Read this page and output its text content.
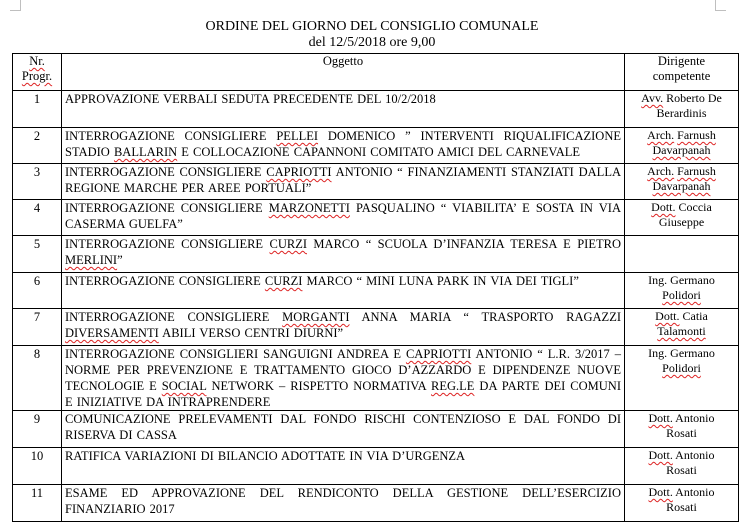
ORDINE DEL GIORNO DEL CONSIGLIO COMUNALE
del 12/5/2018 ore 9,00
Nr.
Progr.	Oggetto	Dirigente
competente
1	APPROVAZIONE VERBALI SEDUTA PRECEDENTE DEL 10/2/2018	Avv. Roberto De
Berardinis
2	INTERROGAZIONE CONSIGLIERE PELLEI DOMENICO ” INTERVENTI RIQUALIFICAZIONE STADIO BALLARIN E COLLOCAZIONE CAPANNONI COMITATO AMICI DEL CARNEVALE	Arch. Farnush
Davarpanah
3	INTERROGAZIONE CONSIGLIERE CAPRIOTTI ANTONIO “ FINANZIAMENTI STANZIATI DALLA REGIONE MARCHE PER AREE PORTUALI”	Arch. Farnush
Davarpanah
4	INTERROGAZIONE CONSIGLIERE MARZONETTI PASQUALINO “ VIABILITA’ E SOSTA IN VIA CASERMA GUELFA”	Dott. Coccia
Giuseppe
5	INTERROGAZIONE CONSIGLIERE CURZI MARCO “ SCUOLA D’INFANZIA TERESA E PIETRO MERLINI”	
6	INTERROGAZIONE CONSIGLIERE CURZI MARCO “ MINI LUNA PARK IN VIA DEI TIGLI”	Ing. Germano
Polidori
7	INTERROGAZIONE CONSIGLIERE MORGANTI ANNA MARIA “ TRASPORTO RAGAZZI DIVERSAMENTI ABILI VERSO CENTRI DIURNI”	Dott. Catia
Talamonti
8	INTERROGAZIONE CONSIGLIERI SANGUIGNI ANDREA E CAPRIOTTI ANTONIO “ L.R. 3/2017 – NORME PER PREVENZIONE E TRATTAMENTO GIOCO D’AZZARDO E DIPENDENZE NUOVE TECNOLOGIE E SOCIAL NETWORK – RISPETTO NORMATIVA REG.LE DA PARTE DEI COMUNI E INIZIATIVE DA INTRAPRENDERE	Ing. Germano
Polidori
9	COMUNICAZIONE PRELEVAMENTI DAL FONDO RISCHI CONTENZIOSO E DAL FONDO DI RISERVA DI CASSA	Dott. Antonio
Rosati
10	RATIFICA VARIAZIONI DI BILANCIO ADOTTATE IN VIA D’URGENZA	Dott. Antonio
Rosati
11	ESAME ED APPROVAZIONE DEL RENDICONTO DELLA GESTIONE DELL’ESERCIZIO FINANZIARIO 2017	Dott. Antonio
Rosati
